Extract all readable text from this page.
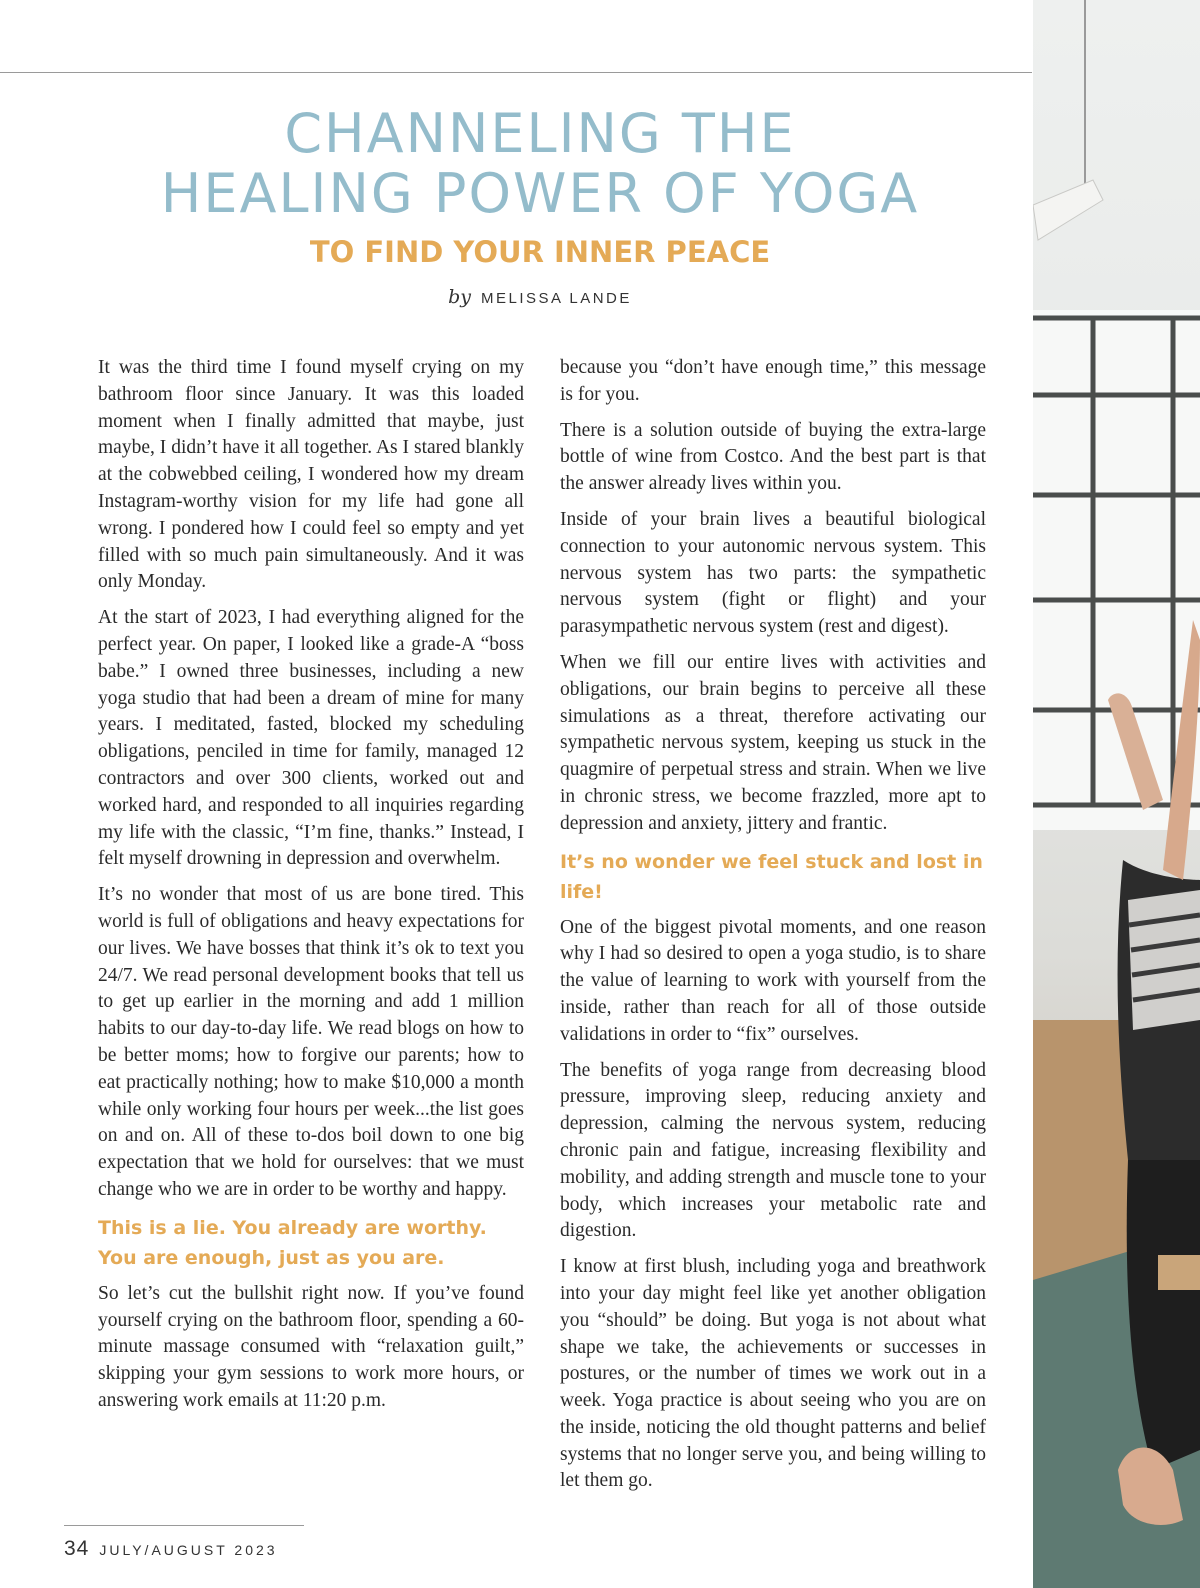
CHANNELING THE
HEALING POWER OF YOGA
TO FIND YOUR INNER PEACE
by MELISSA LANDE

It was the third time I found myself crying on my bathroom floor since January. It was this loaded moment when I finally admitted that maybe, just maybe, I didn’t have it all together. As I stared blankly at the cobwebbed ceiling, I wondered how my dream Instagram-worthy vision for my life had gone all wrong. I pondered how I could feel so empty and yet filled with so much pain simultaneously. And it was only Monday.

At the start of 2023, I had everything aligned for the perfect year. On paper, I looked like a grade-A “boss babe.” I owned three businesses, including a new yoga studio that had been a dream of mine for many years. I meditated, fasted, blocked my scheduling obligations, penciled in time for family, managed 12 contractors and over 300 clients, worked out and worked hard, and responded to all inquiries regarding my life with the classic, “I’m fine, thanks.” Instead, I felt myself drowning in depression and overwhelm.

It’s no wonder that most of us are bone tired. This world is full of obligations and heavy expectations for our lives. We have bosses that think it’s ok to text you 24/7. We read personal development books that tell us to get up earlier in the morning and add 1 million habits to our day-to-day life. We read blogs on how to be better moms; how to forgive our parents; how to eat practically nothing; how to make $10,000 a month while only working four hours per week...the list goes on and on. All of these to-dos boil down to one big expectation that we hold for ourselves: that we must change who we are in order to be worthy and happy.

This is a lie. You already are worthy. You are enough, just as you are.

So let’s cut the bullshit right now. If you’ve found yourself crying on the bathroom floor, spending a 60-minute massage consumed with “relaxation guilt,” skipping your gym sessions to work more hours, or answering work emails at 11:20 p.m.

because you “don’t have enough time,” this message is for you.

There is a solution outside of buying the extra-large bottle of wine from Costco. And the best part is that the answer already lives within you.

Inside of your brain lives a beautiful biological connection to your autonomic nervous system. This nervous system has two parts: the sympathetic nervous system (fight or flight) and your parasympathetic nervous system (rest and digest).

When we fill our entire lives with activities and obligations, our brain begins to perceive all these simulations as a threat, therefore activating our sympathetic nervous system, keeping us stuck in the quagmire of perpetual stress and strain. When we live in chronic stress, we become frazzled, more apt to depression and anxiety, jittery and frantic.

It’s no wonder we feel stuck and lost in life!

One of the biggest pivotal moments, and one reason why I had so desired to open a yoga studio, is to share the value of learning to work with yourself from the inside, rather than reach for all of those outside validations in order to “fix” ourselves.

The benefits of yoga range from decreasing blood pressure, improving sleep, reducing anxiety and depression, calming the nervous system, reducing chronic pain and fatigue, increasing flexibility and mobility, and adding strength and muscle tone to your body, which increases your metabolic rate and digestion.

I know at first blush, including yoga and breathwork into your day might feel like yet another obligation you “should” be doing. But yoga is not about what shape we take, the achievements or successes in postures, or the number of times we work out in a week. Yoga practice is about seeing who you are on the inside, noticing the old thought patterns and belief systems that no longer serve you, and being willing to let them go.

34 JULY/AUGUST 2023
